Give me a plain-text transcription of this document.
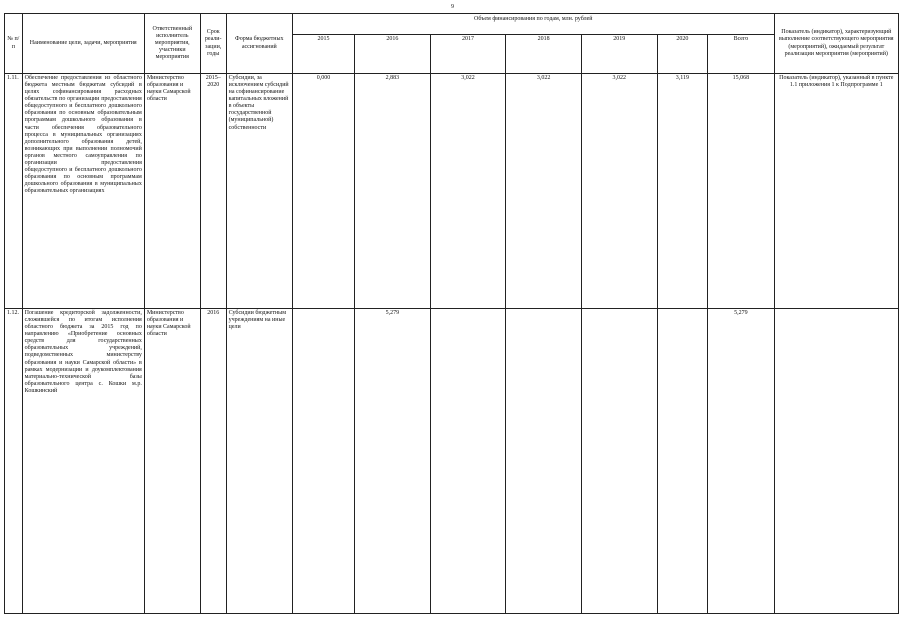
9
№ п/п	Наименование цели, задачи, мероприятия	Ответственный исполнитель мероприятия, участники мероприятия	Срок реали-зации, годы	Форма бюджетных ассигнований	Объем финансирования по годам, млн. рублей							Показатель (индикатор), характеризующий выполнение соответствующего мероприятия (мероприятий), ожидаемый результат реализации мероприятия (мероприятий)
					2015	2016	2017	2018	2019	2020	Всего	
1.11.	Обеспечение предоставления из областного бюджета местным бюджетам субсидий в целях софинансирования расходных обязательств по организации предоставления общедоступного и бесплатного дошкольного образования по основным образовательным программам дошкольного образования в части обеспечения образовательного процесса в муниципальных организациях дополнительного образования детей, возникающих при выполнении полномочий органов местного самоуправления по организации предоставления общедоступного и бесплатного дошкольного образования по основным программам дошкольного образования в муниципальных образовательных организациях	Министерство образования и науки Самарской области	2015–2020	Субсидии, за исключением субсидий на софинансирование капитальных вложений в объекты государственной (муниципальной) собственности	0,000	2,883	3,022	3,022	3,022	3,119	15,068	Показатель (индикатор), указанный в пункте 1.1 приложения 1 к Подпрограмме 1
1.12.	Погашение кредиторской задолженности, сложившейся по итогам исполнения областного бюджета за 2015 год по направлению «Приобретение основных средств для государственных образовательных учреждений, подведомственных министерству образования и науки Самарской области» в рамках модернизации и доукомплектования материально-технической базы образовательного центра с. Кошки м.р. Кошкинский	Министерство образования и науки Самарской области	2016	Субсидии бюджетным учреждениям на иные цели		5,279					5,279	
